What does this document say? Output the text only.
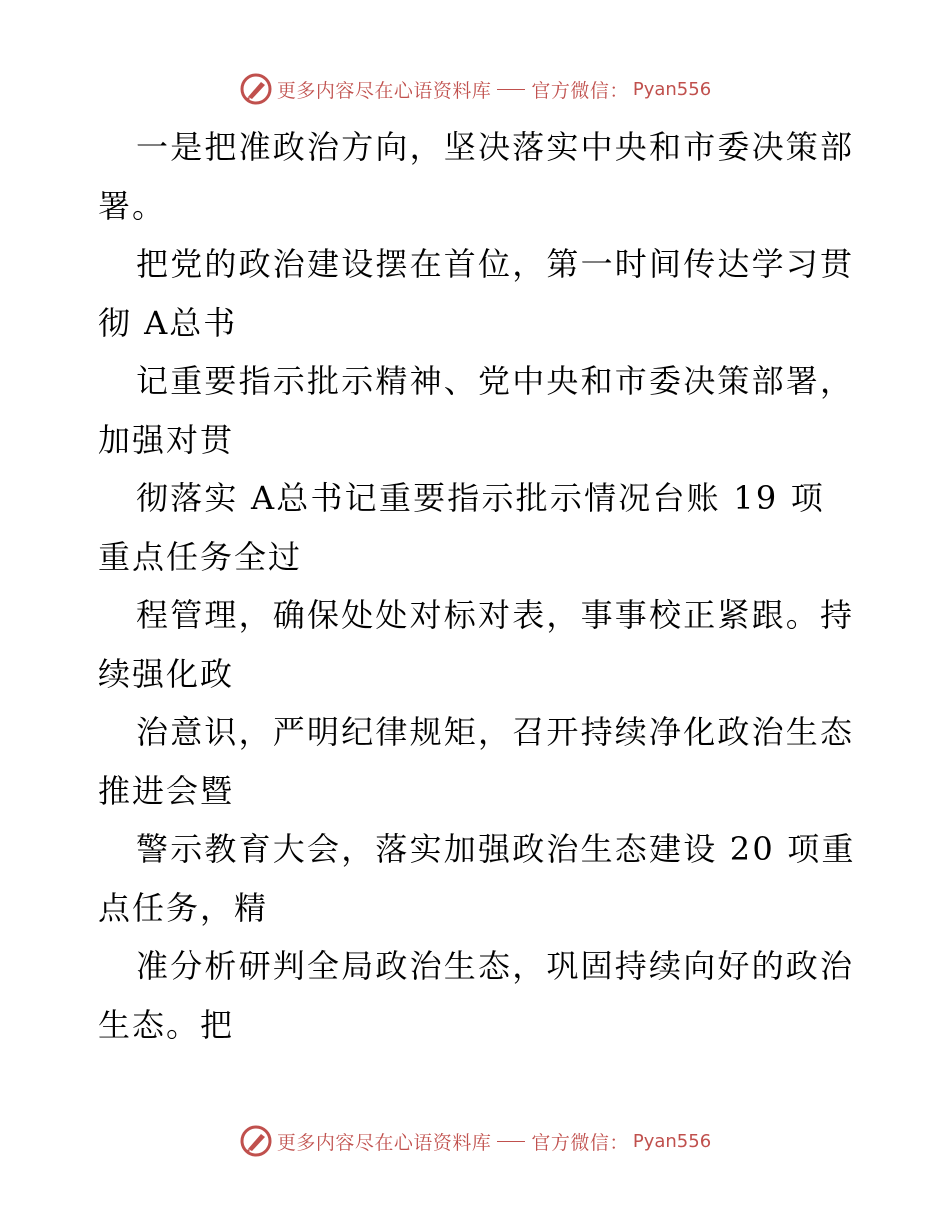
更多内容尽在心语资料库 官方微信： Pyan556
一是把准政治方向，坚决落实中央和市委决策部
署。
把党的政治建设摆在首位，第一时间传达学习贯
彻 A总书
记重要指示批示精神、党中央和市委决策部署，
加强对贯
彻落实 A总书记重要指示批示情况台账 19 项
重点任务全过
程管理，确保处处对标对表，事事校正紧跟。持
续强化政
治意识，严明纪律规矩，召开持续净化政治生态
推进会暨
警示教育大会，落实加强政治生态建设 20 项重
点任务，精
准分析研判全局政治生态，巩固持续向好的政治
生态。把
更多内容尽在心语资料库 官方微信： Pyan556
